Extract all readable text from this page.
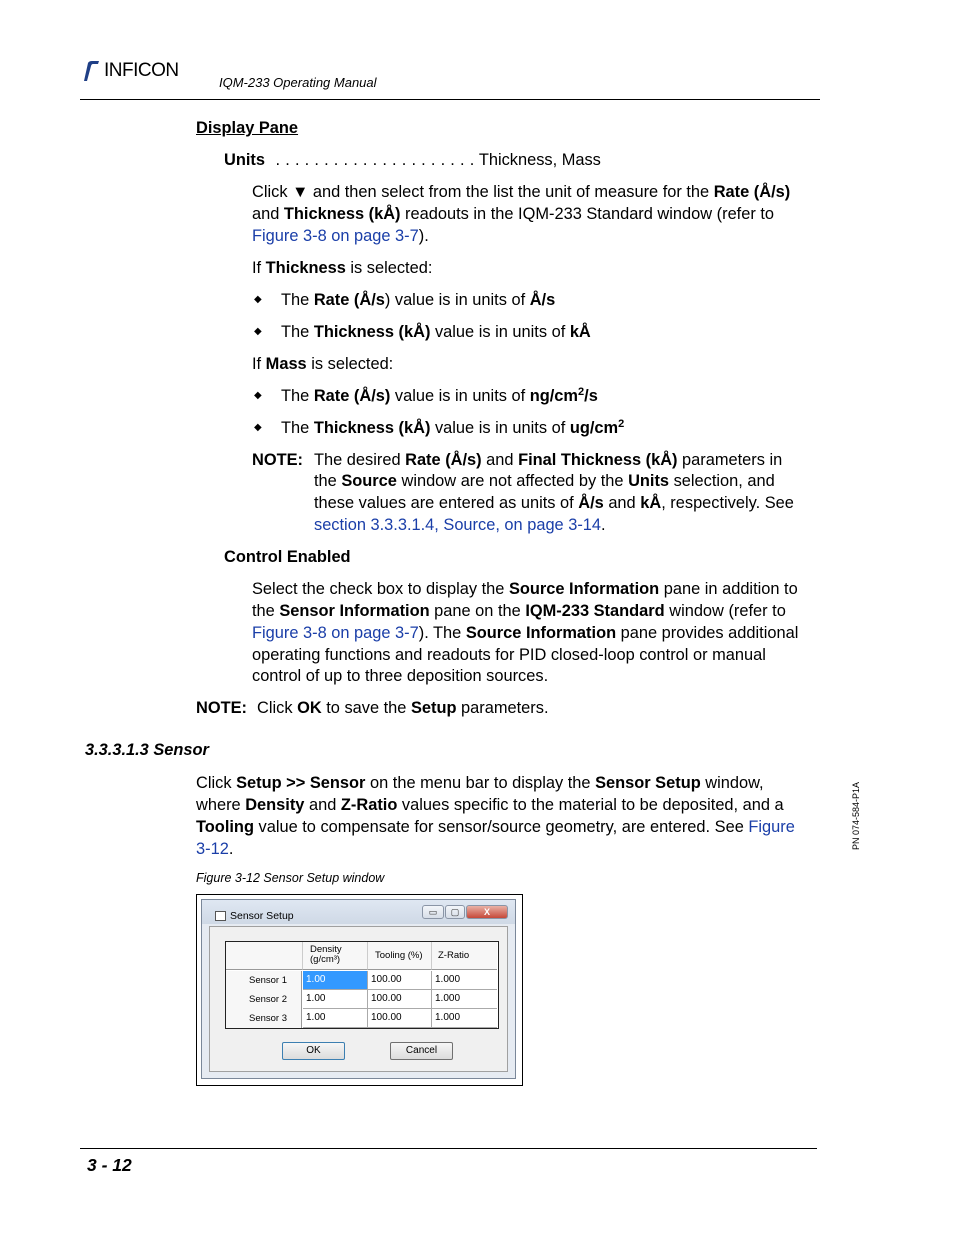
INFICON
IQM-233 Operating Manual
Display Pane
Units . . . . . . . . . . . . . . . . . . . . . Thickness, Mass
Click ▼ and then select from the list the unit of measure for the Rate (Å/s)
and Thickness (kÅ) readouts in the IQM-233 Standard window (refer to
Figure 3-8 on page 3-7).
If Thickness is selected:
◆ The Rate (Å/s) value is in units of Å/s
◆ The Thickness (kÅ) value is in units of kÅ
If Mass is selected:
◆ The Rate (Å/s) value is in units of $ng/cm^2/s$
◆ The Thickness (kÅ) value is in units of $ug/cm^2$
NOTE: The desired Rate (Å/s) and Final Thickness (kÅ) parameters in
the Source window are not affected by the Units selection, and
these values are entered as units of Å/s and kÅ, respectively. See
section 3.3.3.1.4, Source, on page 3-14.
Control Enabled
Select the check box to display the Source Information pane in addition to
the Sensor Information pane on the IQM-233 Standard window (refer to
Figure 3-8 on page 3-7). The Source Information pane provides additional
operating functions and readouts for PID closed-loop control or manual
control of up to three deposition sources.
NOTE: Click OK to save the Setup parameters.
3.3.3.1.3 Sensor
Click Setup >> Sensor on the menu bar to display the Sensor Setup window,
where Density and Z-Ratio values specific to the material to be deposited, and a
Tooling value to compensate for sensor/source geometry, are entered. See Figure
3-12.
Figure 3-12 Sensor Setup window
Sensor Setup	▭	▢	X
Density
(g/cm³)	Tooling (%)	Z-Ratio
Sensor 1	1.00	100.00	1.000
Sensor 2	1.00	100.00	1.000
Sensor 3	1.00	100.00	1.000
OK	Cancel
PN 074-584-P1A
3 - 12
